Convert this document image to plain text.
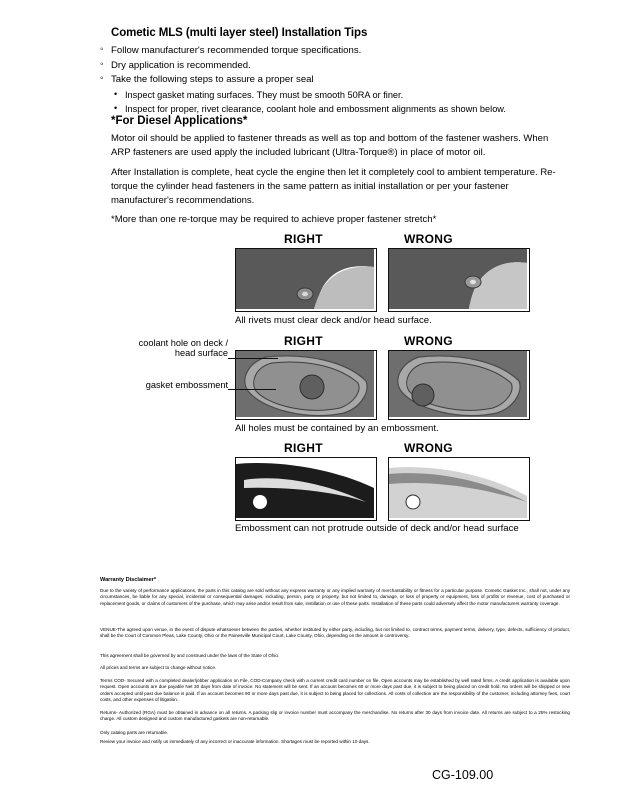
Cometic MLS (multi layer steel) Installation Tips
◦ Follow manufacturer's recommended torque specifications.
◦ Dry application is recommended.
◦ Take the following steps to assure a proper seal
• Inspect gasket mating surfaces. They must be smooth 50RA or finer.
• Inspect for proper, rivet clearance, coolant hole and embossment alignments as shown below.
*For Diesel Applications*
Motor oil should be applied to fastener threads as well as top and bottom of the fastener washers. When ARP fasteners are used apply the included lubricant (Ultra-Torque®) in place of motor oil.
After Installation is complete, heat cycle the engine then let it completely cool to ambient temperature. Re-torque the cylinder head fasteners in the same pattern as initial installation or per your fastener manufacturer's recommendations.
*More than one re-torque may be required to achieve proper fastener stretch*
RIGHT	WRONG
All rivets must clear deck and/or head surface.
RIGHT	WRONG
coolant hole on deck / head surface
gasket embossment
All holes must be contained by an embossment.
RIGHT	WRONG
Embossment can not protrude outside of deck and/or head surface
Warranty Disclaimer*
Due to the variety of performance applications, the parts in this catalog are sold without any express warranty or any implied warranty of merchantability or fitness for a particular purpose. Cometic Gasket Inc., shall not, under any circumstances, be liable for any special, incidental or consequential damages, including, person, party or property, but not limited to, damage, or loss of property or equipment, loss of profits or revenue, cost of purchased or replacement goods, or claims of customers of the purchase, which may arise and/or result from sale, instillation or use of these parts. Installation of these parts could adversely affect the motor manufacturers warranty coverage.
VENUE-The agreed upon venue, in the event of dispute whatsoever between the parties, whether instituted by either party, including, but not limited to, contract terms, payment terms, delivery, type, defects, sufficiency of product, shall be the Court of Common Pleas, Lake County, Ohio or the Painesville Municipal Court, Lake County, Ohio, depending on the amount in controversy.
This agreement shall be governed by and construed under the laws of the State of Ohio.
All prices and terms are subject to change without notice.
Terms COD- Secured with a completed dealer/jobber application on File, COD-Company check with a current credit card number on file. Open accounts may be established by well rated firms. A credit application is available upon request. Open accounts are due payable Net 30 days from date of invoice. No statement will be sent. If an account becomes 60 or more days past due, it is subject to being placed on credit hold. No orders will be shipped or new orders accepted until past due balance is paid. If an account becomes 90 or more days past due, it is subject to being placed for collections. All costs of collection are the responsibility of the customer, including attorney fees, court costs, and other expenses of litigation.
Returns- Authorized (RGA) must be obtained in advance on all returns. A packing slip or invoice number must accompany the merchandise. No returns after 30 days from invoice date. All returns are subject to a 25% restocking charge. All custom designed and custom manufactured gaskets are non-returnable.
Only catalog parts are returnable.
Review your invoice and notify us immediately of any incorrect or inaccurate information. Shortages must be reported within 10 days.
CG-109.00
